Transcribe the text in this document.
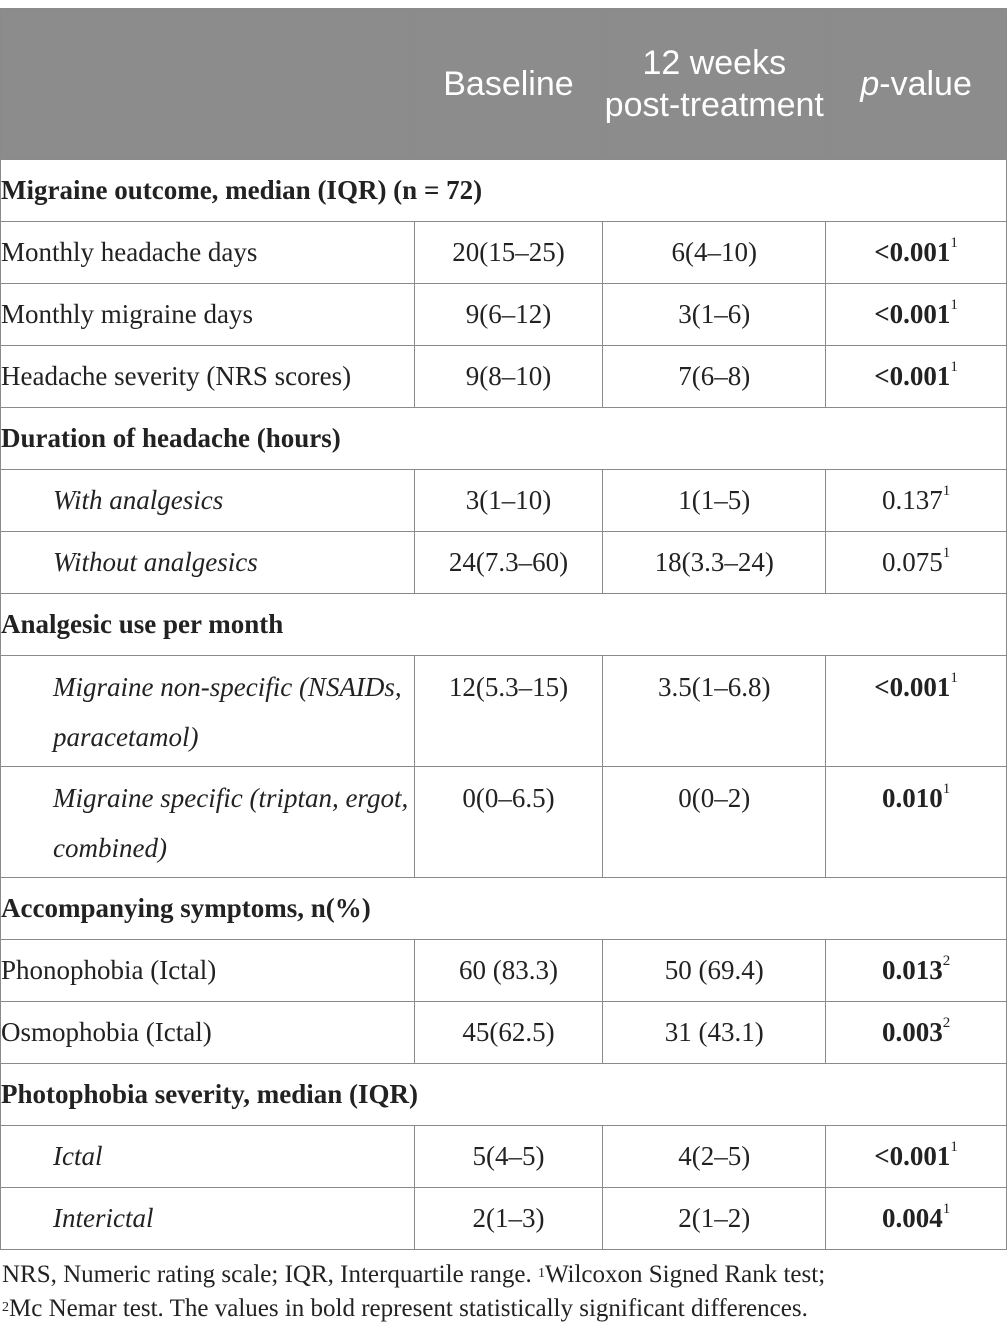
	Baseline	12 weeks post-treatment	p-value
Migraine outcome, median (IQR) (n = 72)			
Monthly headache days	20(15–25)	6(4–10)	$<0.001^1$
Monthly migraine days	9(6–12)	3(1–6)	$<0.001^1$
Headache severity (NRS scores)	9(8–10)	7(6–8)	$<0.001^1$
Duration of headache (hours)			
With analgesics	3(1–10)	1(1–5)	0.137$^1$
Without analgesics	24(7.3–60)	18(3.3–24)	0.075$^1$
Analgesic use per month			
Migraine non-specific (NSAIDs, paracetamol)	12(5.3–15)	3.5(1–6.8)	$<0.001^1$
Migraine specific (triptan, ergot, combined)	0(0–6.5)	0(0–2)	0.010$^1$
Accompanying symptoms, n(%)			
Phonophobia (Ictal)	60 (83.3)	50 (69.4)	0.013$^2$
Osmophobia (Ictal)	45(62.5)	31 (43.1)	0.003$^2$
Photophobia severity, median (IQR)			
Ictal	5(4–5)	4(2–5)	$<0.001^1$
Interictal	2(1–3)	2(1–2)	0.004$^1$
NRS, Numeric rating scale; IQR, Interquartile range. $^1$Wilcoxon Signed Rank test;
$^2$Mc Nemar test. The values in bold represent statistically significant differences.
